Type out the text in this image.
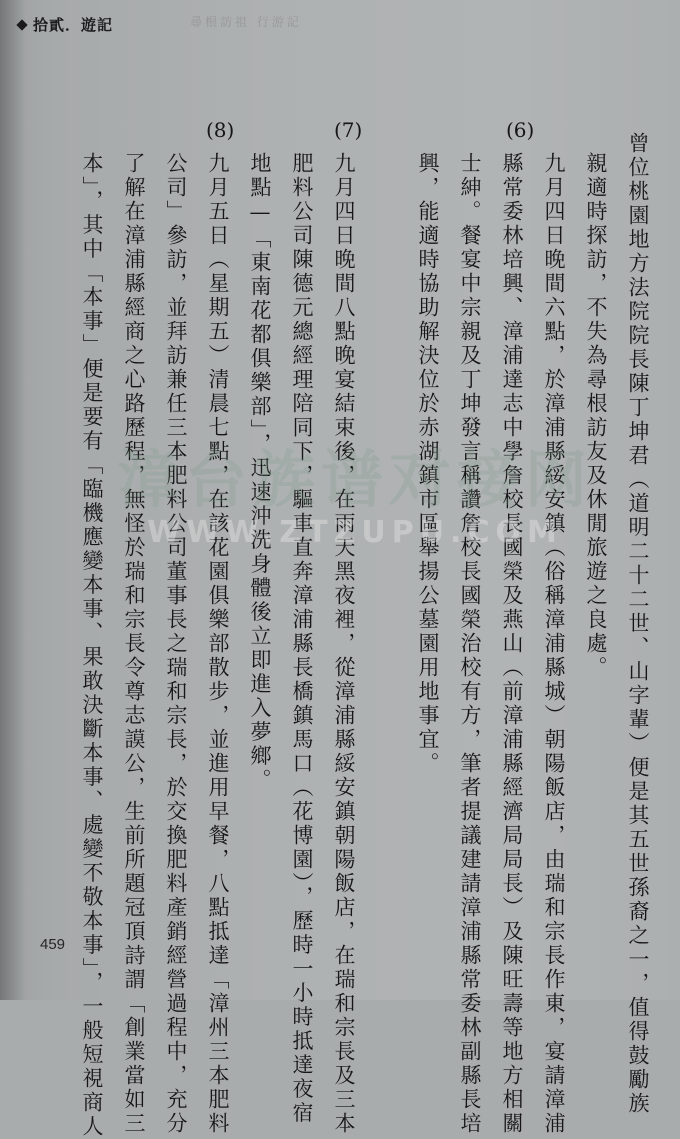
拾貳．遊記	尋根訪祖 行游記
(6)
曾位桃園地方法院院長陳丁坤君（道明二十二世、山字輩）便是其五世孫裔之一，值得鼓勵族
親適時探訪，不失為尋根訪友及休閒旅遊之良處。
九月四日晚間六點，於漳浦縣綏安鎮（俗稱漳浦縣城）朝陽飯店，由瑞和宗長作東，宴請漳浦
縣常委林培興、漳浦達志中學詹校長國榮及燕山（前漳浦縣經濟局局長）及陳旺壽等地方相關
士紳。餐宴中宗親及丁坤發言稱讚詹校長國榮治校有方，筆者提議建請漳浦縣常委林副縣長培
興，能適時協助解決位於赤湖鎮市區舉揚公墓園用地事宜。
(7)
九月四日晚間八點晚宴結束後，在雨天黑夜裡，從漳浦縣綏安鎮朝陽飯店，在瑞和宗長及三本
肥料公司陳德元總經理陪同下，驅車直奔漳浦縣長橋鎮馬口（花博園），歷時一小時抵達夜宿
地點—「東南花都俱樂部」，迅速沖洗身體後立即進入夢鄉。
(8)
九月五日（星期五）清晨七點，在該花園俱樂部散步，並進用早餐，八點抵達「漳州三本肥料
公司」參訪，並拜訪兼任三本肥料公司董事長之瑞和宗長，於交換肥料產銷經營過程中，充分
了解在漳浦縣經商之心路歷程，無怪於瑞和宗長令尊志謨公，生前所題冠頂詩謂「創業當如三
本」，其中「本事」便是要有「臨機應變本事、果敢決斷本事、處變不敬本事」，一般短視商人
459
漳台族谱对接网
WWW.ZTZUPU.COM
